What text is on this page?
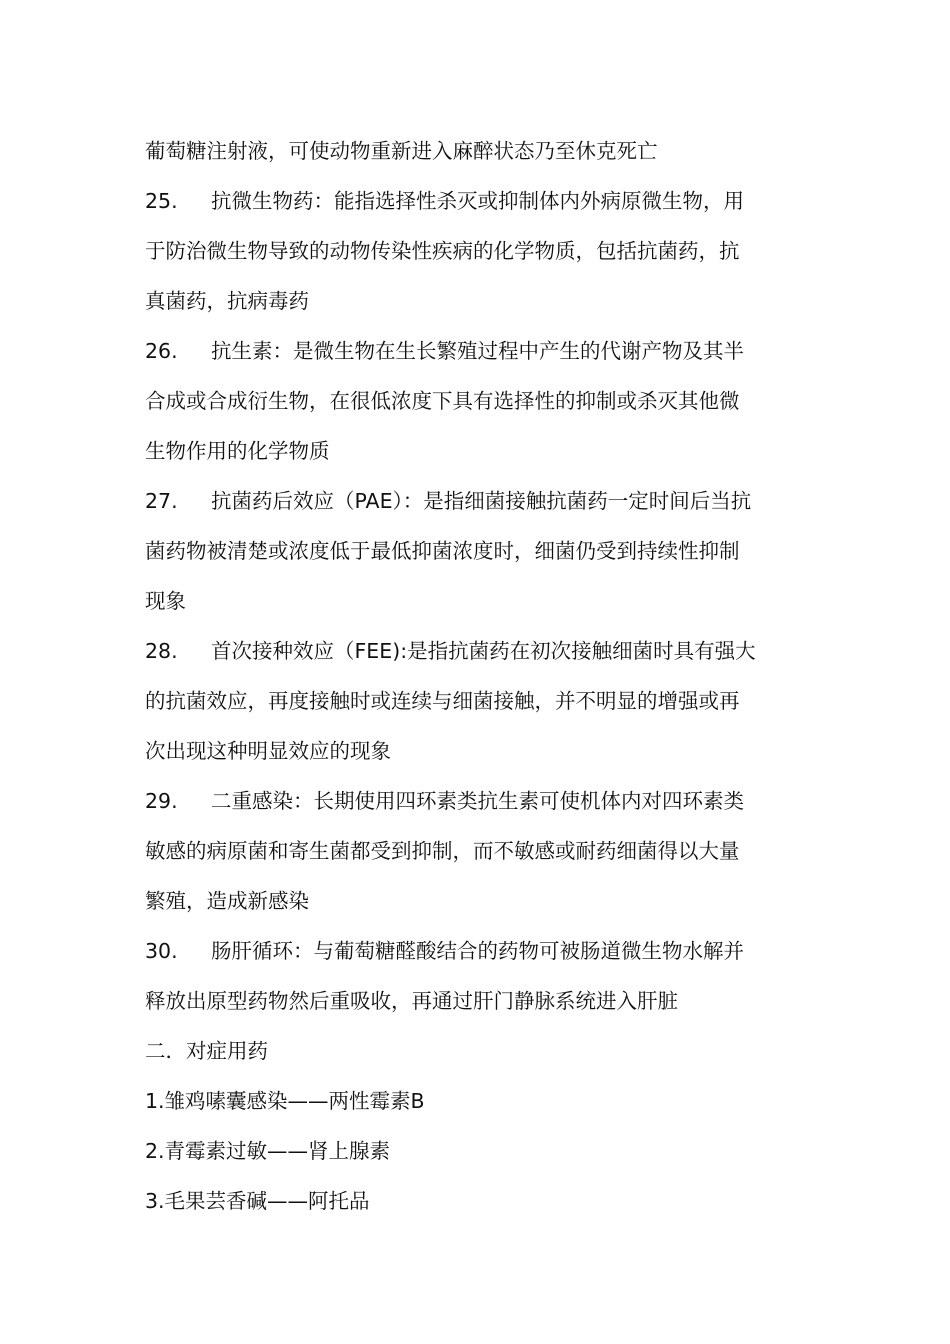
葡萄糖注射液，可使动物重新进入麻醉状态乃至休克死亡
25. 抗微生物药：能指选择性杀灭或抑制体内外病原微生物，用
于防治微生物导致的动物传染性疾病的化学物质，包括抗菌药，抗
真菌药，抗病毒药
26. 抗生素：是微生物在生长繁殖过程中产生的代谢产物及其半
合成或合成衍生物，在很低浓度下具有选择性的抑制或杀灭其他微
生物作用的化学物质
27. 抗菌药后效应（PAE）：是指细菌接触抗菌药一定时间后当抗
菌药物被清楚或浓度低于最低抑菌浓度时，细菌仍受到持续性抑制
现象
28. 首次接种效应（FEE):是指抗菌药在初次接触细菌时具有强大
的抗菌效应，再度接触时或连续与细菌接触，并不明显的增强或再
次出现这种明显效应的现象
29. 二重感染：长期使用四环素类抗生素可使机体内对四环素类
敏感的病原菌和寄生菌都受到抑制，而不敏感或耐药细菌得以大量
繁殖，造成新感染
30. 肠肝循环：与葡萄糖醛酸结合的药物可被肠道微生物水解并
释放出原型药物然后重吸收，再通过肝门静脉系统进入肝脏
二．对症用药
1.雏鸡嗉囊感染——两性霉素B
2.青霉素过敏——肾上腺素
3.毛果芸香碱——阿托品
